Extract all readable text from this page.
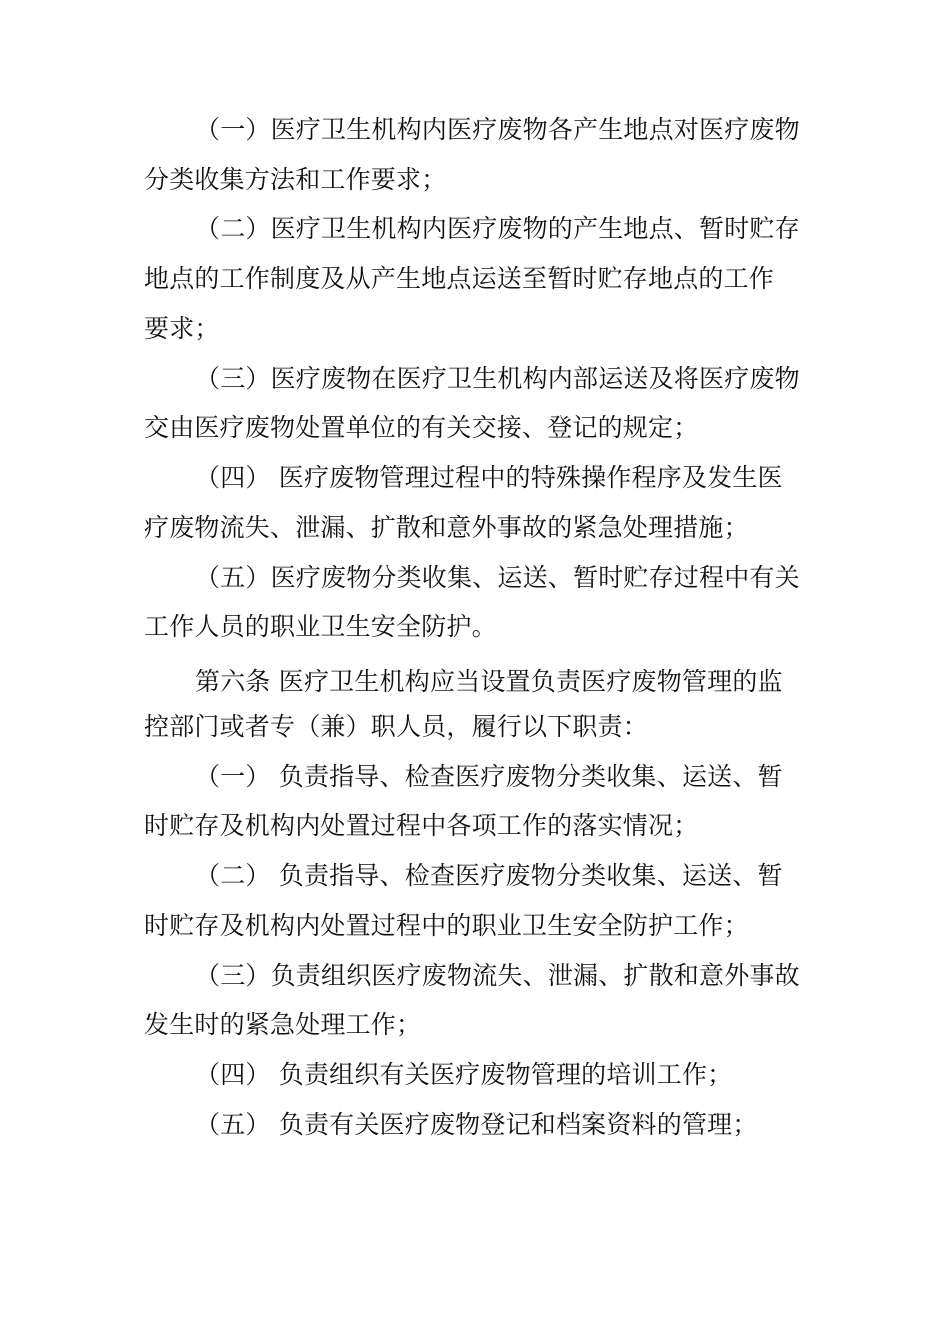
（一）医疗卫生机构内医疗废物各产生地点对医疗废物
分类收集方法和工作要求；
（二）医疗卫生机构内医疗废物的产生地点、暂时贮存
地点的工作制度及从产生地点运送至暂时贮存地点的工作
要求；
（三）医疗废物在医疗卫生机构内部运送及将医疗废物
交由医疗废物处置单位的有关交接、登记的规定；
（四） 医疗废物管理过程中的特殊操作程序及发生医
疗废物流失、泄漏、扩散和意外事故的紧急处理措施；
（五）医疗废物分类收集、运送、暂时贮存过程中有关
工作人员的职业卫生安全防护。
第六条 医疗卫生机构应当设置负责医疗废物管理的监
控部门或者专（兼）职人员，履行以下职责：
（一） 负责指导、检查医疗废物分类收集、运送、暂
时贮存及机构内处置过程中各项工作的落实情况；
（二） 负责指导、检查医疗废物分类收集、运送、暂
时贮存及机构内处置过程中的职业卫生安全防护工作；
（三）负责组织医疗废物流失、泄漏、扩散和意外事故
发生时的紧急处理工作；
（四） 负责组织有关医疗废物管理的培训工作；
（五） 负责有关医疗废物登记和档案资料的管理；
